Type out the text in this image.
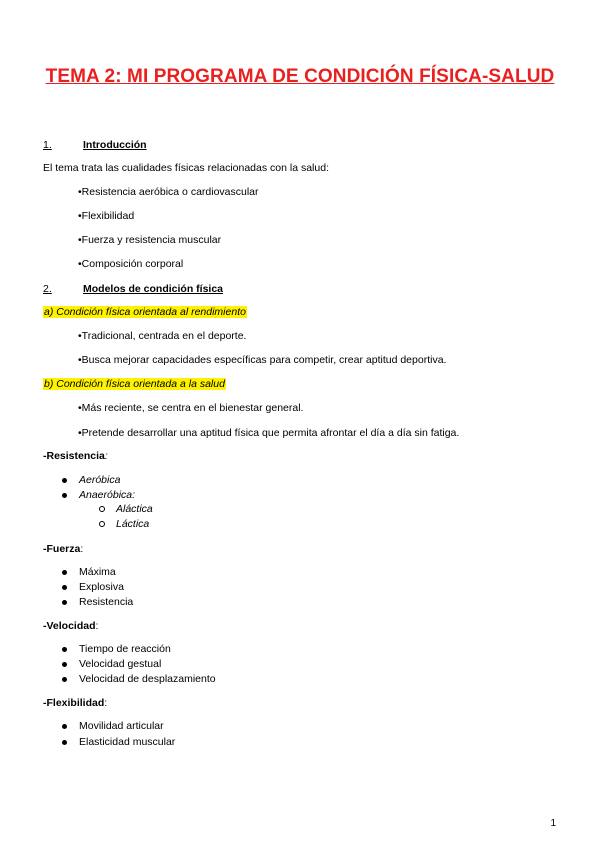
TEMA 2: MI PROGRAMA DE CONDICIÓN FÍSICA-SALUD
1.	Introducción
El tema trata las cualidades físicas relacionadas con la salud:
•Resistencia aeróbica o cardiovascular
•Flexibilidad
•Fuerza y resistencia muscular
•Composición corporal
2.	Modelos de condición física
a) Condición física orientada al rendimiento
•Tradicional, centrada en el deporte.
•Busca mejorar capacidades específicas para competir, crear aptitud deportiva.
b) Condición física orientada a la salud
•Más reciente, se centra en el bienestar general.
•Pretende desarrollar una aptitud física que permita afrontar el día a día sin fatiga.
-Resistencia:
Aeróbica
Anaeróbica:
Aláctica
Láctica
-Fuerza:
Máxima
Explosiva
Resistencia
-Velocidad:
Tiempo de reacción
Velocidad gestual
Velocidad de desplazamiento
-Flexibilidad:
Movilidad articular
Elasticidad muscular
1
